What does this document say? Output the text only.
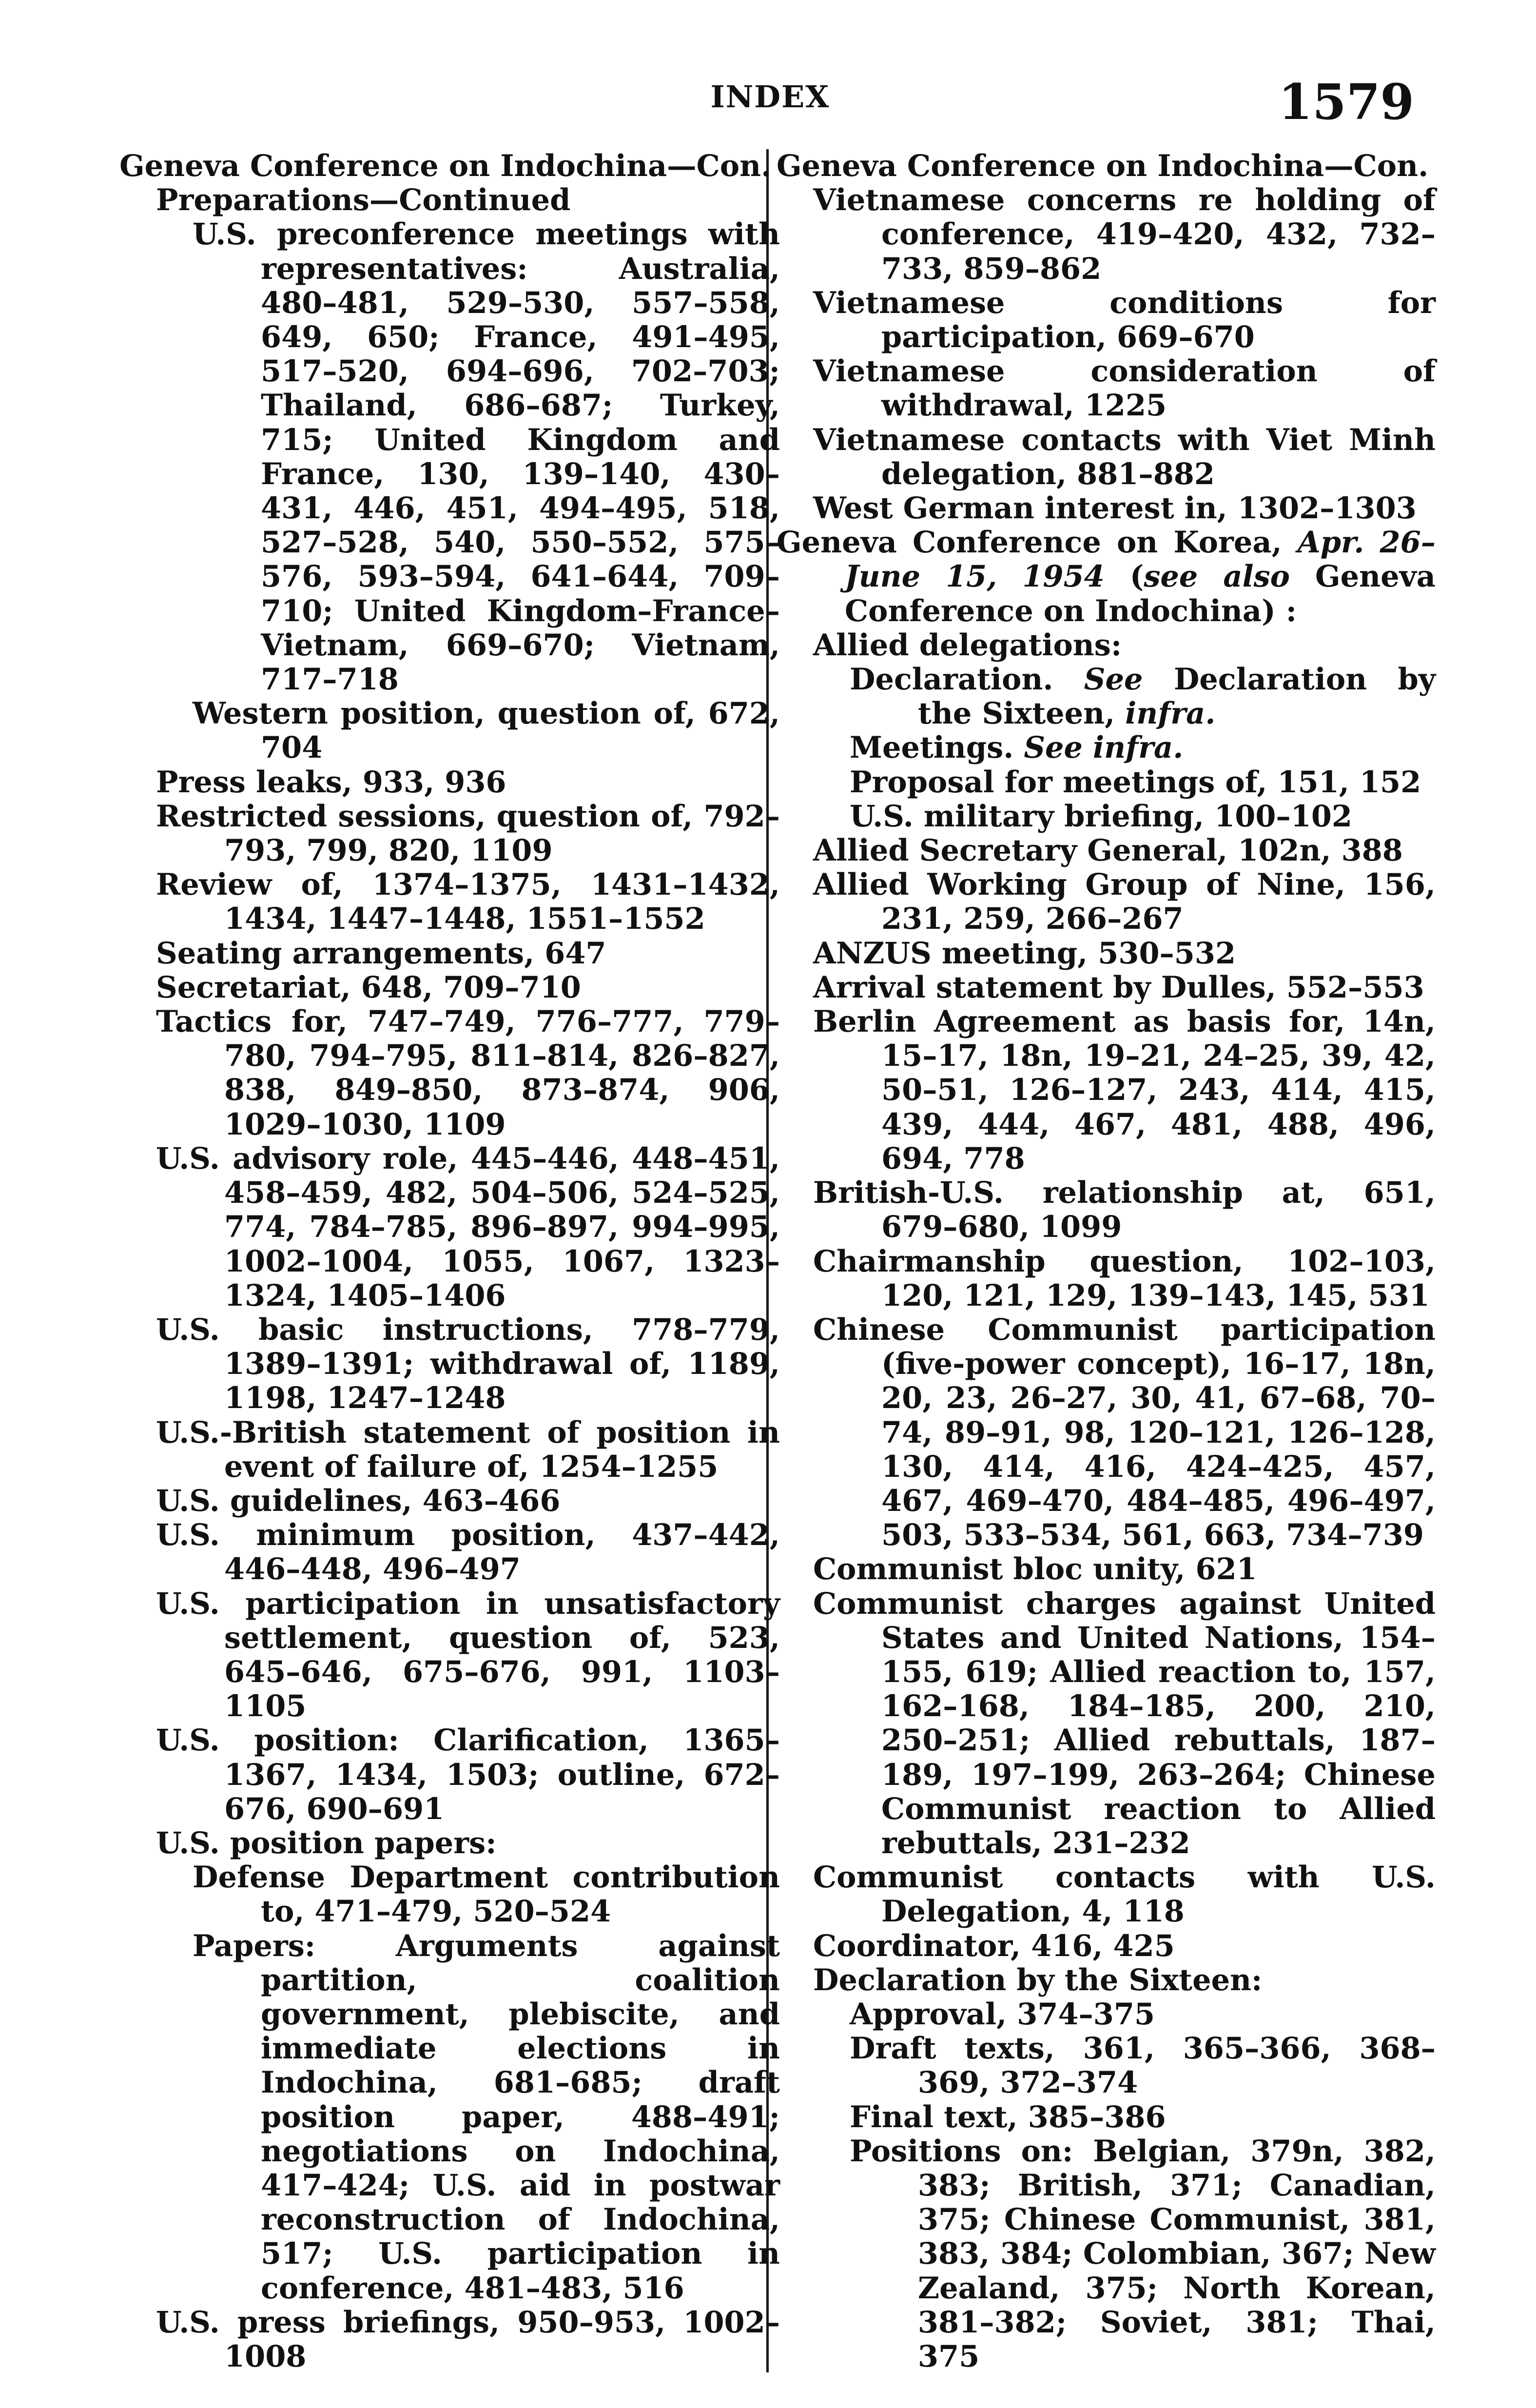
INDEX	1579
Geneva Conference on Indochina—Con.
Preparations—Continued
U.S. preconference meetings with representatives: Australia, 480–481, 529–530, 557–558, 649, 650; France, 491–495, 517–520, 694–696, 702–703; Thailand, 686–687; Turkey, 715; United Kingdom and France, 130, 139–140, 430–431, 446, 451, 494–495, 518, 527–528, 540, 550–552, 575–576, 593–594, 641–644, 709–710; United Kingdom–France–Vietnam, 669–670; Vietnam, 717–718
Western position, question of, 672, 704
Press leaks, 933, 936
Restricted sessions, question of, 792–793, 799, 820, 1109
Review of, 1374–1375, 1431–1432, 1434, 1447–1448, 1551–1552
Seating arrangements, 647
Secretariat, 648, 709–710
Tactics for, 747–749, 776–777, 779–780, 794–795, 811–814, 826–827, 838, 849–850, 873–874, 906, 1029–1030, 1109
U.S. advisory role, 445–446, 448–451, 458–459, 482, 504–506, 524–525, 774, 784–785, 896–897, 994–995, 1002–1004, 1055, 1067, 1323–1324, 1405–1406
U.S. basic instructions, 778–779, 1389–1391; withdrawal of, 1189, 1198, 1247–1248
U.S.-British statement of position in event of failure of, 1254–1255
U.S. guidelines, 463–466
U.S. minimum position, 437–442, 446–448, 496–497
U.S. participation in unsatisfactory settlement, question of, 523, 645–646, 675–676, 991, 1103–1105
U.S. position: Clarification, 1365–1367, 1434, 1503; outline, 672–676, 690–691
U.S. position papers:
Defense Department contribution to, 471–479, 520–524
Papers: Arguments against partition, coalition government, plebiscite, and immediate elections in Indochina, 681–685; draft position paper, 488–491; negotiations on Indochina, 417–424; U.S. aid in postwar reconstruction of Indochina, 517; U.S. participation in conference, 481–483, 516
U.S. press briefings, 950–953, 1002–1008
Geneva Conference on Indochina—Con.
Vietnamese concerns re holding of conference, 419–420, 432, 732–733, 859–862
Vietnamese conditions for participation, 669–670
Vietnamese consideration of withdrawal, 1225
Vietnamese contacts with Viet Minh delegation, 881–882
West German interest in, 1302–1303
Geneva Conference on Korea, Apr. 26–June 15, 1954 (see also Geneva Conference on Indochina) :
Allied delegations:
Declaration. See Declaration by the Sixteen, infra.
Meetings. See infra.
Proposal for meetings of, 151, 152
U.S. military briefing, 100–102
Allied Secretary General, 102n, 388
Allied Working Group of Nine, 156, 231, 259, 266–267
ANZUS meeting, 530–532
Arrival statement by Dulles, 552–553
Berlin Agreement as basis for, 14n, 15–17, 18n, 19–21, 24–25, 39, 42, 50–51, 126–127, 243, 414, 415, 439, 444, 467, 481, 488, 496, 694, 778
British-U.S. relationship at, 651, 679–680, 1099
Chairmanship question, 102–103, 120, 121, 129, 139–143, 145, 531
Chinese Communist participation (five-power concept), 16–17, 18n, 20, 23, 26–27, 30, 41, 67–68, 70–74, 89–91, 98, 120–121, 126–128, 130, 414, 416, 424–425, 457, 467, 469–470, 484–485, 496–497, 503, 533–534, 561, 663, 734–739
Communist bloc unity, 621
Communist charges against United States and United Nations, 154–155, 619; Allied reaction to, 157, 162–168, 184–185, 200, 210, 250–251; Allied rebuttals, 187–189, 197–199, 263–264; Chinese Communist reaction to Allied rebuttals, 231–232
Communist contacts with U.S. Delegation, 4, 118
Coordinator, 416, 425
Declaration by the Sixteen:
Approval, 374–375
Draft texts, 361, 365–366, 368–369, 372–374
Final text, 385–386
Positions on: Belgian, 379n, 382, 383; British, 371; Canadian, 375; Chinese Communist, 381, 383, 384; Colombian, 367; New Zealand, 375; North Korean, 381–382; Soviet, 381; Thai, 375
